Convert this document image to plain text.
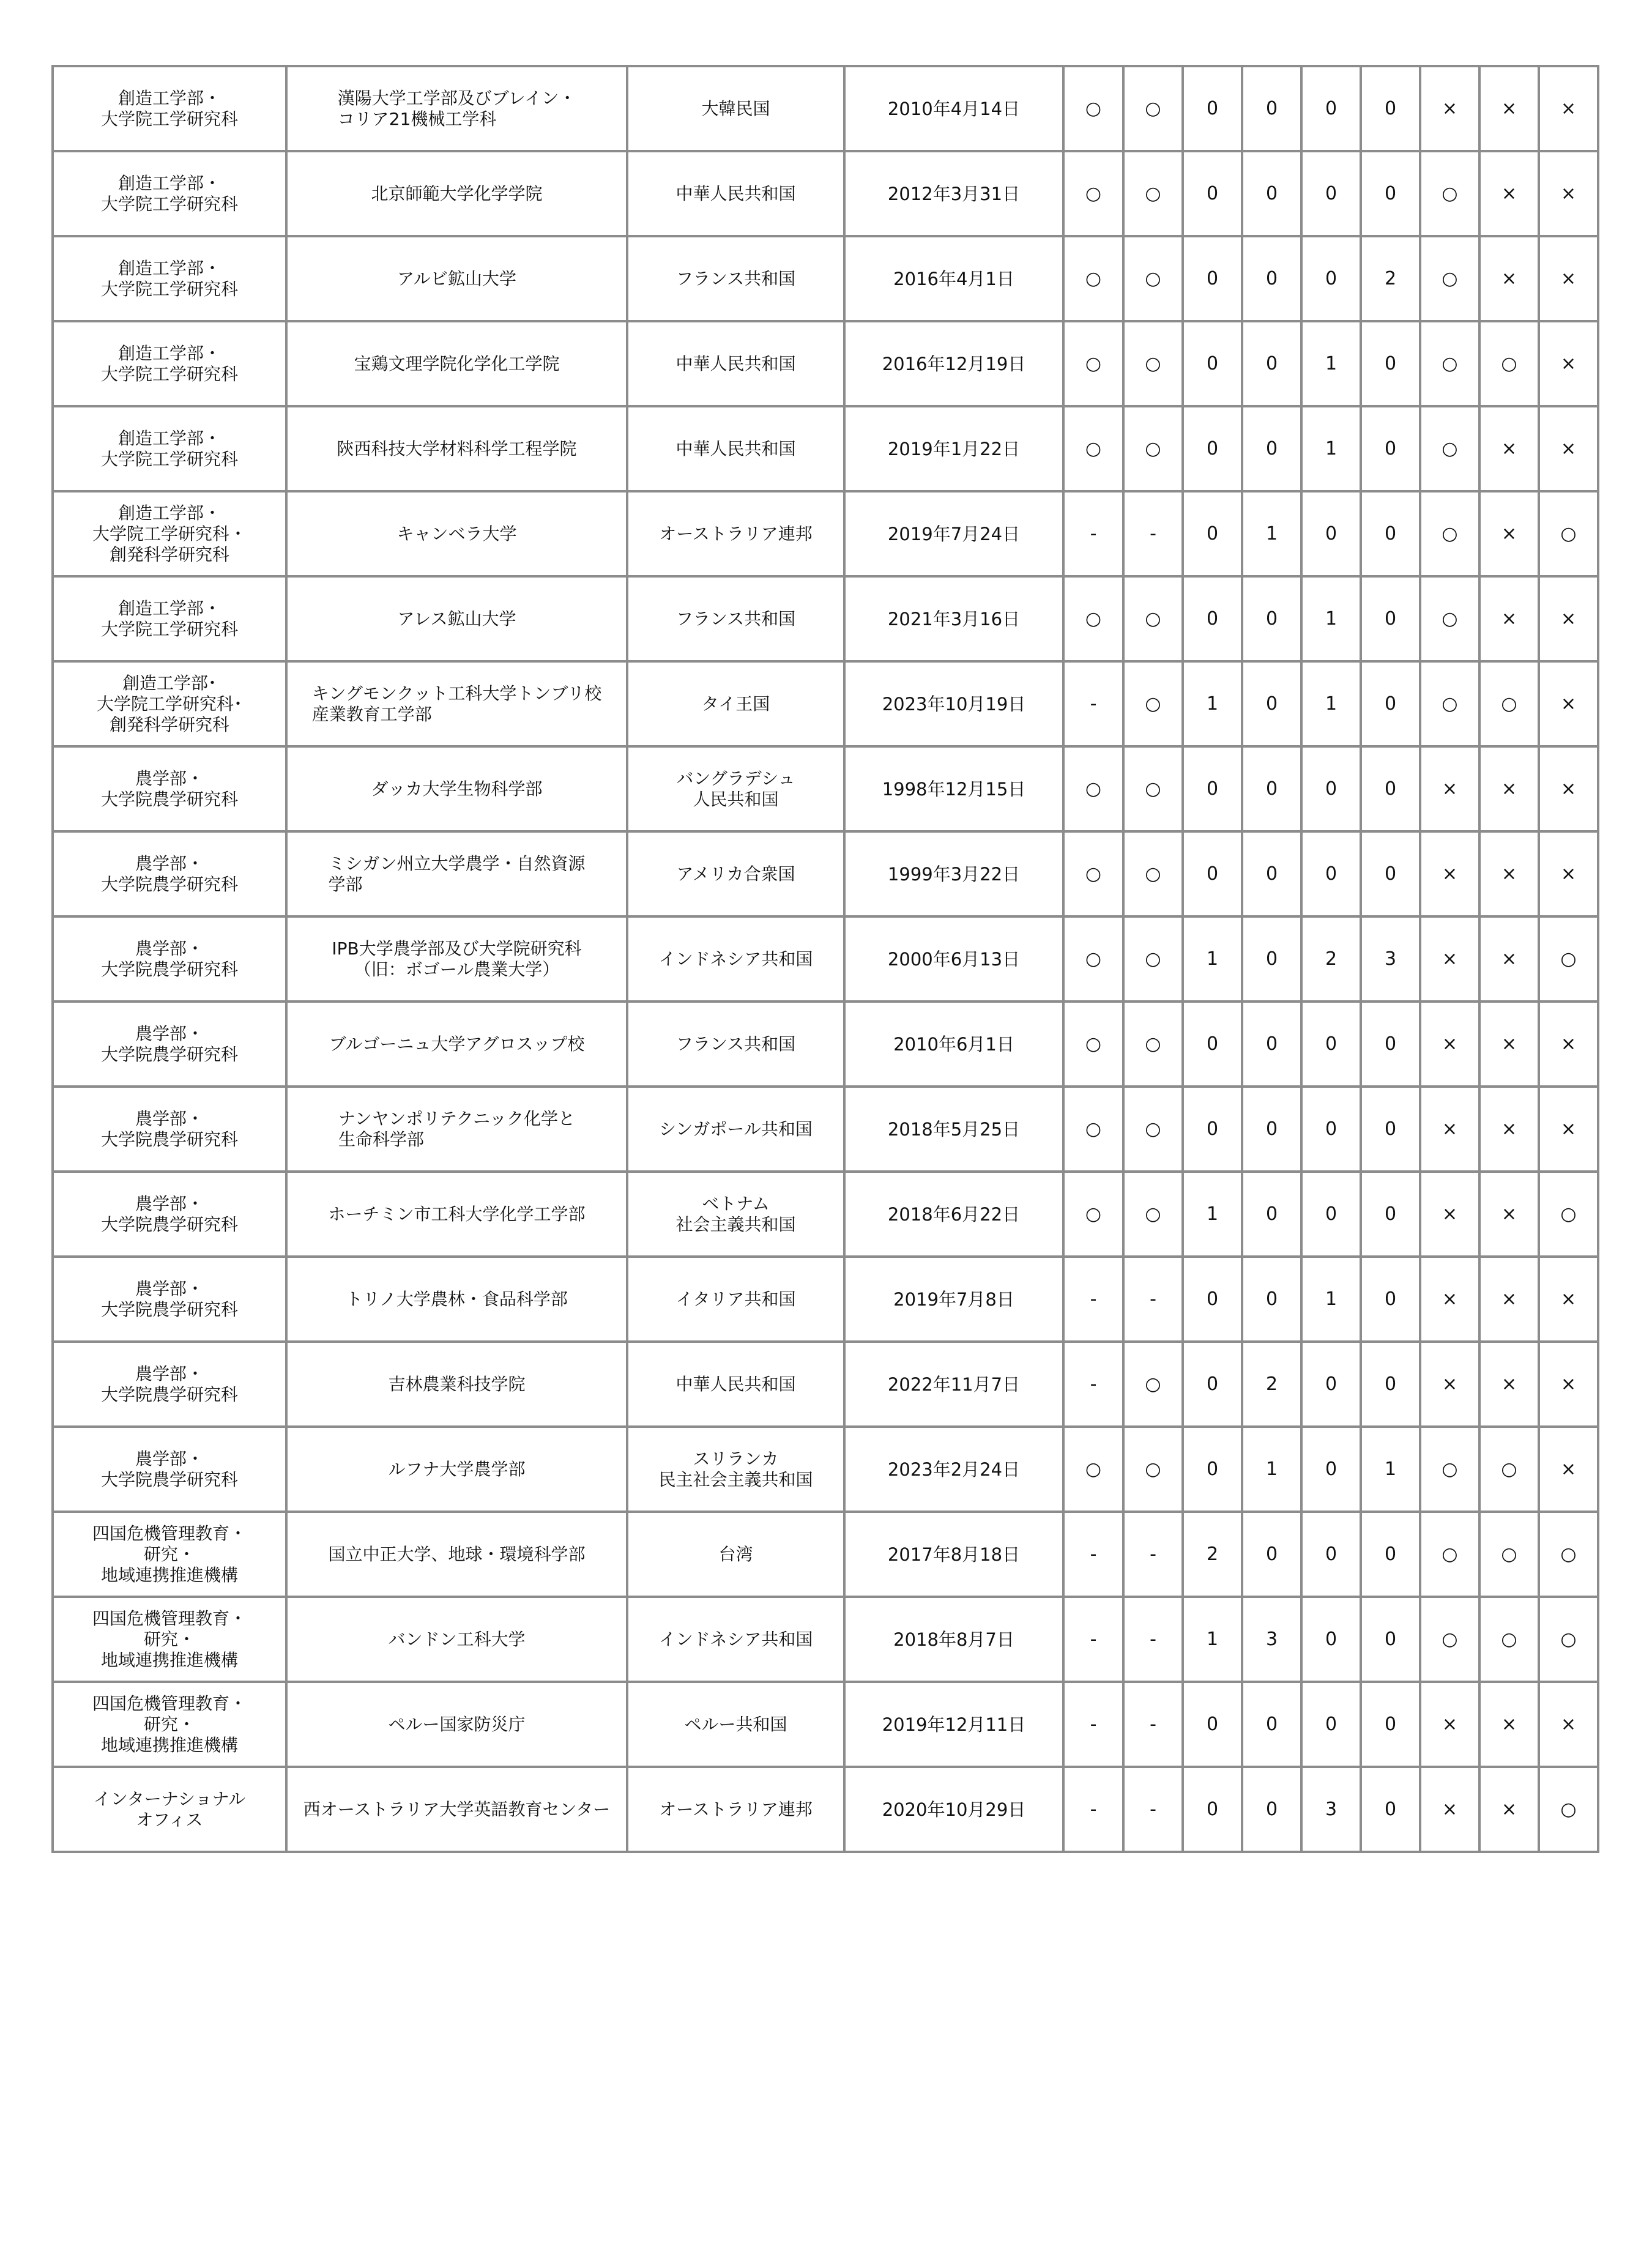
創造工学部・
大学院工学研究科	漢陽大学工学部及びブレイン・
コリア21機械工学科	大韓民国	2010年4月14日	○	○	0	0	0	0	×	×	×
創造工学部・
大学院工学研究科	北京師範大学化学学院	中華人民共和国	2012年3月31日	○	○	0	0	0	0	○	×	×
創造工学部・
大学院工学研究科	アルビ鉱山大学	フランス共和国	2016年4月1日	○	○	0	0	0	2	○	×	×
創造工学部・
大学院工学研究科	宝鶏文理学院化学化工学院	中華人民共和国	2016年12月19日	○	○	0	0	1	0	○	○	×
創造工学部・
大学院工学研究科	陝西科技大学材料科学工程学院	中華人民共和国	2019年1月22日	○	○	0	0	1	0	○	×	×
創造工学部・
大学院工学研究科・
創発科学研究科	キャンベラ大学	オーストラリア連邦	2019年7月24日	-	-	0	1	0	0	○	×	○
創造工学部・
大学院工学研究科	アレス鉱山大学	フランス共和国	2021年3月16日	○	○	0	0	1	0	○	×	×
創造工学部･
大学院工学研究科･
創発科学研究科	キングモンクット工科大学トンブリ校
産業教育工学部	タイ王国	2023年10月19日	-	○	1	0	1	0	○	○	×
農学部・
大学院農学研究科	ダッカ大学生物科学部	バングラデシュ
人民共和国	1998年12月15日	○	○	0	0	0	0	×	×	×
農学部・
大学院農学研究科	ミシガン州立大学農学・自然資源
学部	アメリカ合衆国	1999年3月22日	○	○	0	0	0	0	×	×	×
農学部・
大学院農学研究科	IPB大学農学部及び大学院研究科
（旧：ボゴール農業大学）	インドネシア共和国	2000年6月13日	○	○	1	0	2	3	×	×	○
農学部・
大学院農学研究科	ブルゴーニュ大学アグロスップ校	フランス共和国	2010年6月1日	○	○	0	0	0	0	×	×	×
農学部・
大学院農学研究科	ナンヤンポリテクニック化学と
生命科学部	シンガポール共和国	2018年5月25日	○	○	0	0	0	0	×	×	×
農学部・
大学院農学研究科	ホーチミン市工科大学化学工学部	ベトナム
社会主義共和国	2018年6月22日	○	○	1	0	0	0	×	×	○
農学部・
大学院農学研究科	トリノ大学農林・食品科学部	イタリア共和国	2019年7月8日	-	-	0	0	1	0	×	×	×
農学部・
大学院農学研究科	吉林農業科技学院	中華人民共和国	2022年11月7日	-	○	0	2	0	0	×	×	×
農学部・
大学院農学研究科	ルフナ大学農学部	スリランカ
民主社会主義共和国	2023年2月24日	○	○	0	1	0	1	○	○	×
四国危機管理教育・
研究・
地域連携推進機構	国立中正大学、地球・環境科学部	台湾	2017年8月18日	-	-	2	0	0	0	○	○	○
四国危機管理教育・
研究・
地域連携推進機構	バンドン工科大学	インドネシア共和国	2018年8月7日	-	-	1	3	0	0	○	○	○
四国危機管理教育・
研究・
地域連携推進機構	ペルー国家防災庁	ペルー共和国	2019年12月11日	-	-	0	0	0	0	×	×	×
インターナショナル
オフィス	西オーストラリア大学英語教育センター	オーストラリア連邦	2020年10月29日	-	-	0	0	3	0	×	×	○
